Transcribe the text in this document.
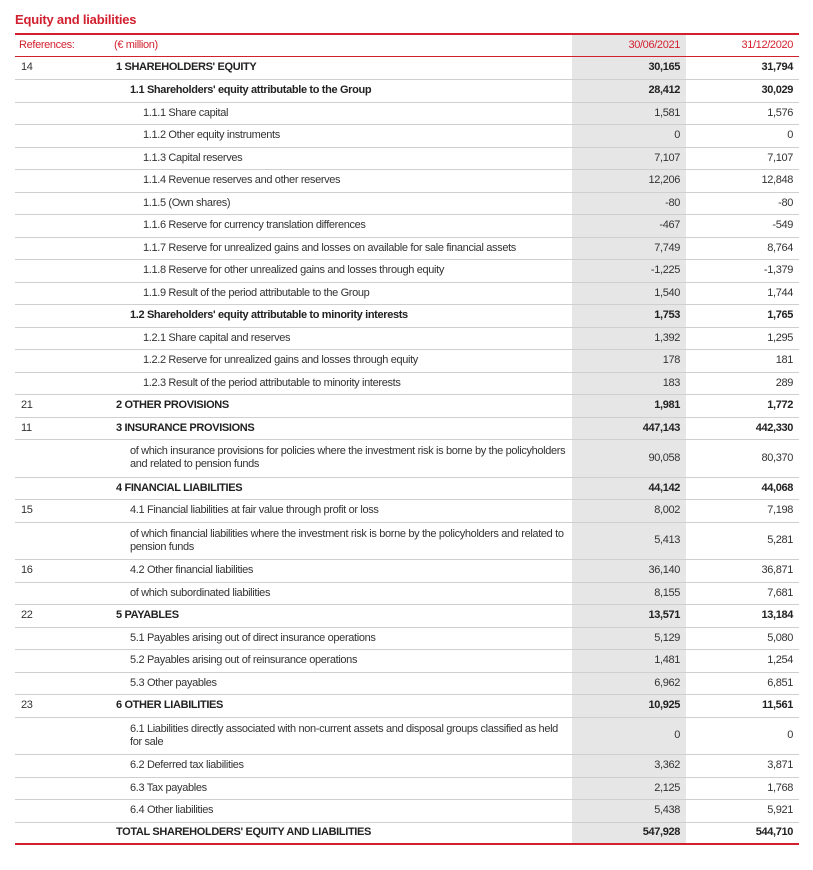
Equity and liabilities
References:	(€ million)	30/06/2021	31/12/2020
14	1 SHAREHOLDERS' EQUITY	30,165	31,794
	1.1 Shareholders' equity attributable to the Group	28,412	30,029
	1.1.1 Share capital	1,581	1,576
	1.1.2 Other equity instruments	0	0
	1.1.3 Capital reserves	7,107	7,107
	1.1.4 Revenue reserves and other reserves	12,206	12,848
	1.1.5 (Own shares)	-80	-80
	1.1.6 Reserve for currency translation differences	-467	-549
	1.1.7 Reserve for unrealized gains and losses on available for sale financial assets	7,749	8,764
	1.1.8 Reserve for other unrealized gains and losses through equity	-1,225	-1,379
	1.1.9 Result of the period attributable to the Group	1,540	1,744
	1.2 Shareholders' equity attributable to minority interests	1,753	1,765
	1.2.1 Share capital and reserves	1,392	1,295
	1.2.2 Reserve for unrealized gains and losses through equity	178	181
	1.2.3 Result of the period attributable to minority interests	183	289
21	2 OTHER PROVISIONS	1,981	1,772
11	3 INSURANCE PROVISIONS	447,143	442,330
	of which insurance provisions for policies where the investment risk is borne by the policyholders and related to pension funds	90,058	80,370
	4 FINANCIAL LIABILITIES	44,142	44,068
15	4.1 Financial liabilities at fair value through profit or loss	8,002	7,198
	of which financial liabilities where the investment risk is borne by the policyholders and related to pension funds	5,413	5,281
16	4.2 Other financial liabilities	36,140	36,871
	of which subordinated liabilities	8,155	7,681
22	5 PAYABLES	13,571	13,184
	5.1 Payables arising out of direct insurance operations	5,129	5,080
	5.2 Payables arising out of reinsurance operations	1,481	1,254
	5.3 Other payables	6,962	6,851
23	6 OTHER LIABILITIES	10,925	11,561
	6.1 Liabilities directly associated with non-current assets and disposal groups classified as held for sale	0	0
	6.2 Deferred tax liabilities	3,362	3,871
	6.3 Tax payables	2,125	1,768
	6.4 Other liabilities	5,438	5,921
	TOTAL SHAREHOLDERS' EQUITY AND LIABILITIES	547,928	544,710
